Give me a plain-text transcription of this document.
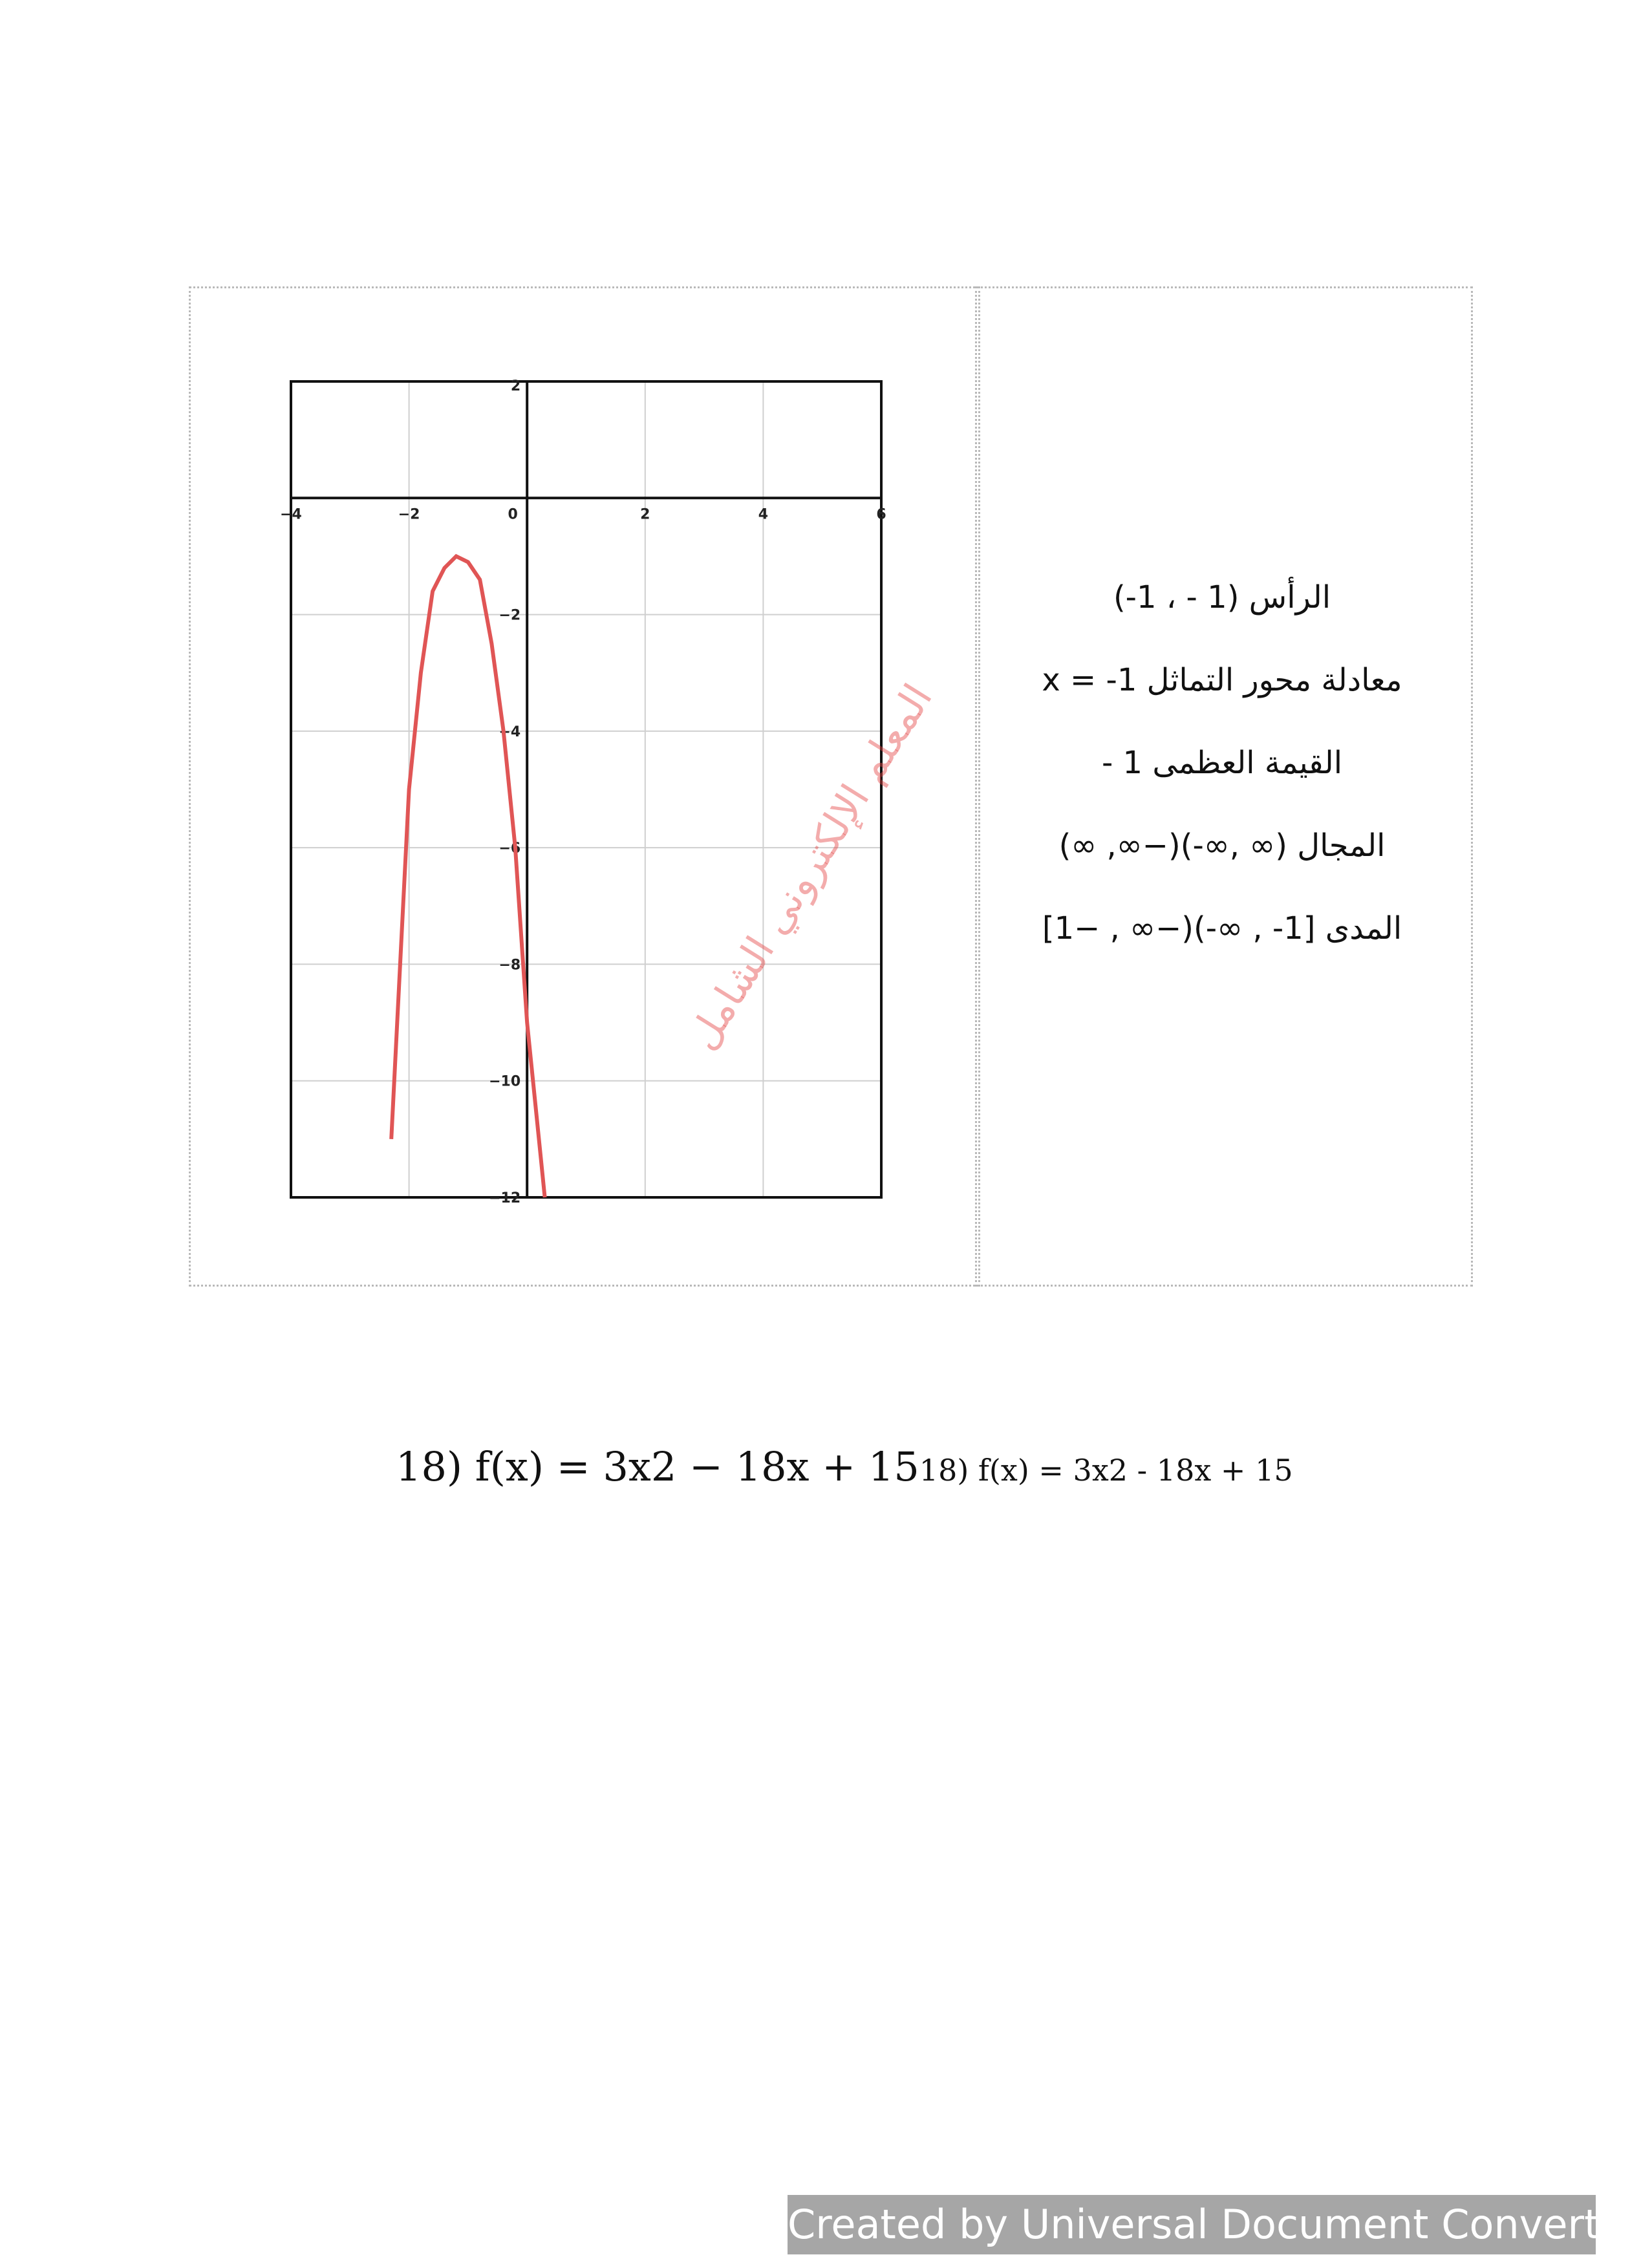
−4	−2	0	2	4	6
2
−2
−4
−6
−8
−10
−12
الرأس (1 - ، 1-)
معادلة محور التماثل x = -1
القيمة العظمى 1 -
المجال (∞ ,∞-)(−∞, ∞)
المدى [1- , ∞-)(−∞ , −1]
المعلم الإلكتروني الشامل
18) f(x) = 3x2 − 18x + 1518) f(x) = 3x2 - 18x + 15
Created by Universal Document Converter
